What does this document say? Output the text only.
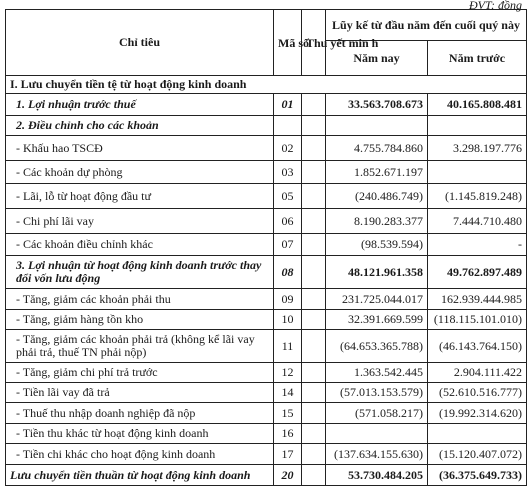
ĐVT: đồng
Chỉ tiêu	Mã số	Thu yết min h	Lũy kế từ đầu năm đến cuối quý này	
			Năm nay	Năm trước
I. Lưu chuyển tiền tệ từ hoạt động kinh doanh				
1. Lợi nhuận trước thuế	01		33.563.708.673	40.165.808.481
2. Điều chỉnh cho các khoản				
- Khấu hao TSCĐ	02		4.755.784.860	3.298.197.776
- Các khoản dự phòng	03		1.852.671.197	
- Lãi, lỗ từ hoạt động đầu tư	05		(240.486.749)	(1.145.819.248)
- Chi phí lãi vay	06		8.190.283.377	7.444.710.480
- Các khoản điều chỉnh khác	07		(98.539.594)	-
3. Lợi nhuận từ hoạt động kinh doanh trước thay đổi vốn lưu động	08		48.121.961.358	49.762.897.489
- Tăng, giảm các khoản phải thu	09		231.725.044.017	162.939.444.985
- Tăng, giảm hàng tồn kho	10		32.391.669.599	(118.115.101.010)
- Tăng, giảm các khoản phải trả (không kể lãi vay phải trả, thuế TN phải nộp)	11		(64.653.365.788)	(46.143.764.150)
- Tăng, giảm chi phí trả trước	12		1.363.542.445	2.904.111.422
- Tiền lãi vay đã trả	14		(57.013.153.579)	(52.610.516.777)
- Thuế thu nhập doanh nghiệp đã nộp	15		(571.058.217)	(19.992.314.620)
- Tiền thu khác từ hoạt động kinh doanh	16			
- Tiền chi khác cho hoạt động kinh doanh	17		(137.634.155.630)	(15.120.407.072)
Lưu chuyển tiền thuần từ hoạt động kinh doanh	20		53.730.484.205	(36.375.649.733)
